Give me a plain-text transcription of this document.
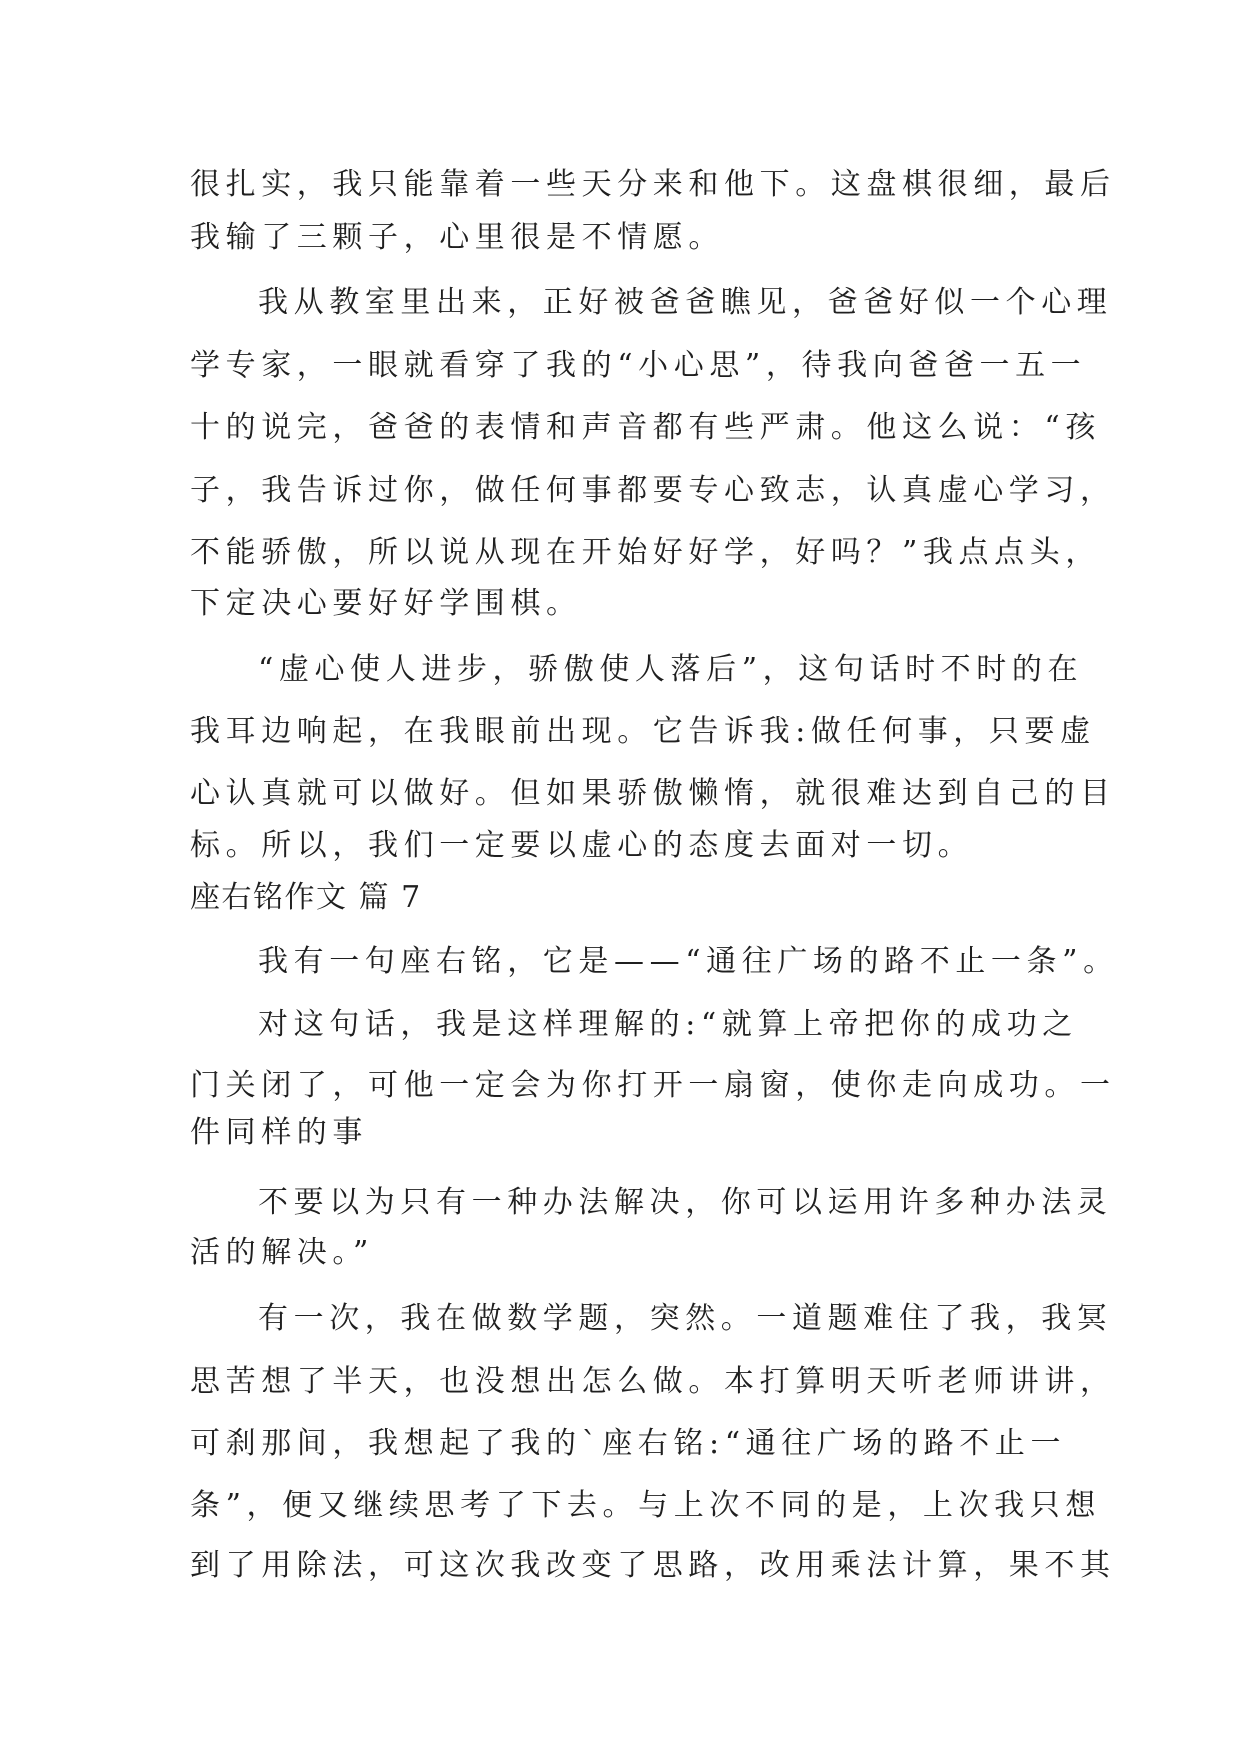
很扎实，我只能靠着一些天分来和他下。这盘棋很细，最后
我输了三颗子，心里很是不情愿。
我从教室里出来，正好被爸爸瞧见，爸爸好似一个心理
学专家，一眼就看穿了我的“小心思”，待我向爸爸一五一
十的说完，爸爸的表情和声音都有些严肃。他这么说：“孩
子，我告诉过你，做任何事都要专心致志，认真虚心学习，
不能骄傲，所以说从现在开始好好学，好吗？”我点点头，
下定决心要好好学围棋。
“虚心使人进步，骄傲使人落后”，这句话时不时的在
我耳边响起，在我眼前出现。它告诉我:做任何事，只要虚
心认真就可以做好。但如果骄傲懒惰，就很难达到自己的目
标。所以，我们一定要以虚心的态度去面对一切。
座右铭作文 篇 7
我有一句座右铭，它是——“通往广场的路不止一条”。
对这句话，我是这样理解的:“就算上帝把你的成功之
门关闭了，可他一定会为你打开一扇窗，使你走向成功。一
件同样的事
不要以为只有一种办法解决，你可以运用许多种办法灵
活的解决。”
有一次，我在做数学题，突然。一道题难住了我，我冥
思苦想了半天，也没想出怎么做。本打算明天听老师讲讲，
可刹那间，我想起了我的`座右铭:“通往广场的路不止一
条”，便又继续思考了下去。与上次不同的是，上次我只想
到了用除法，可这次我改变了思路，改用乘法计算，果不其
